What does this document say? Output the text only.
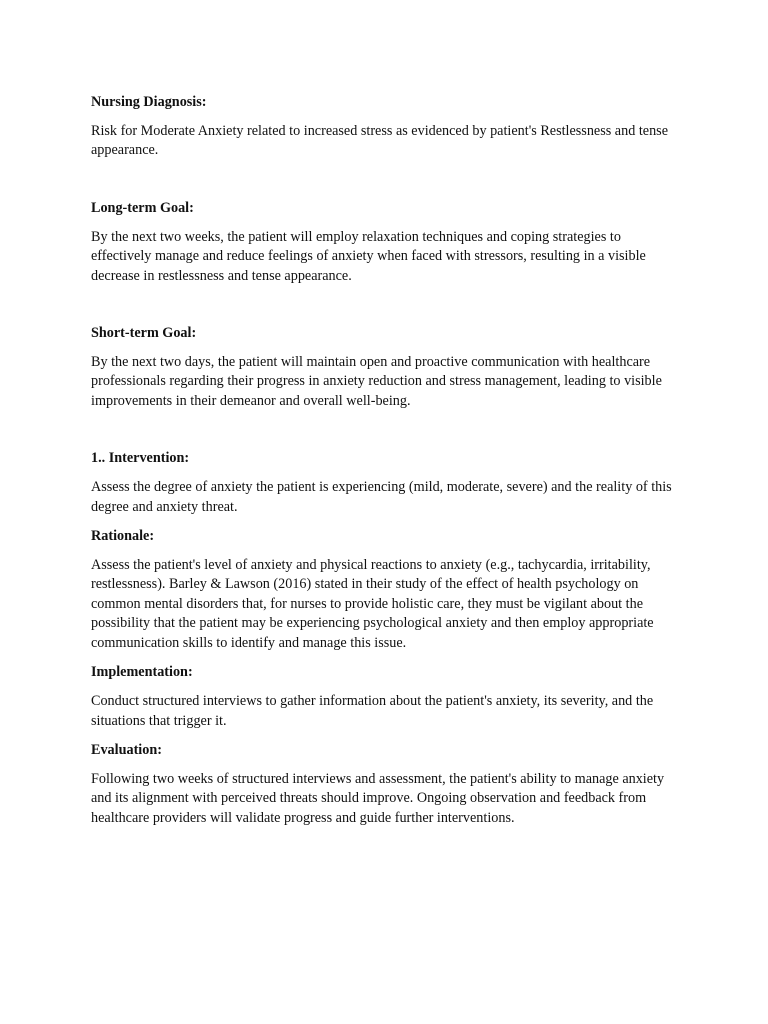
Nursing Diagnosis:

Risk for Moderate Anxiety related to increased stress as evidenced by patient's Restlessness and tense appearance.

Long-term Goal:

By the next two weeks, the patient will employ relaxation techniques and coping strategies to effectively manage and reduce feelings of anxiety when faced with stressors, resulting in a visible decrease in restlessness and tense appearance.

Short-term Goal:

By the next two days, the patient will maintain open and proactive communication with healthcare professionals regarding their progress in anxiety reduction and stress management, leading to visible improvements in their demeanor and overall well-being.

1.. Intervention:

Assess the degree of anxiety the patient is experiencing (mild, moderate, severe) and the reality of this degree and anxiety threat.

Rationale:

Assess the patient's level of anxiety and physical reactions to anxiety (e.g., tachycardia, irritability, restlessness). Barley & Lawson (2016) stated in their study of the effect of health psychology on common mental disorders that, for nurses to provide holistic care, they must be vigilant about the possibility that the patient may be experiencing psychological anxiety and then employ appropriate communication skills to identify and manage this issue.

Implementation:

Conduct structured interviews to gather information about the patient's anxiety, its severity, and the situations that trigger it.

Evaluation:

Following two weeks of structured interviews and assessment, the patient's ability to manage anxiety and its alignment with perceived threats should improve. Ongoing observation and feedback from healthcare providers will validate progress and guide further interventions.
